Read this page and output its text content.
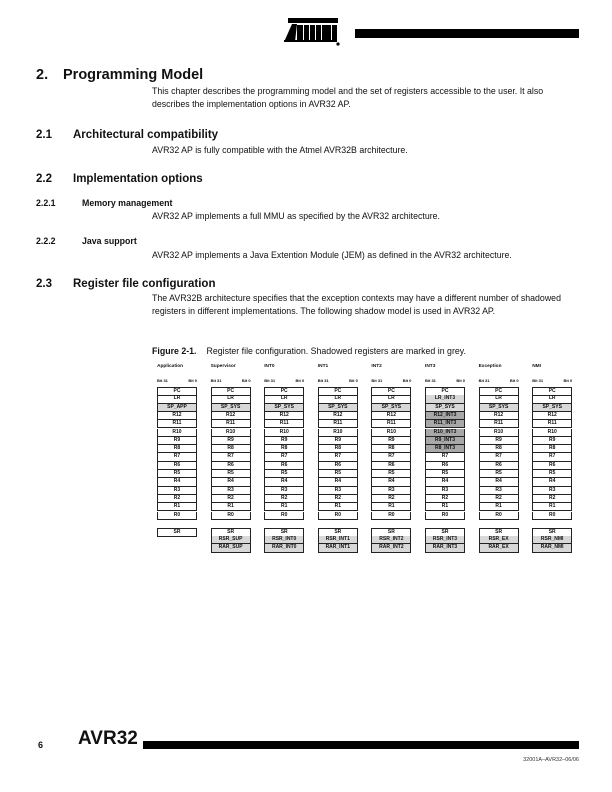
2. Programming Model
This chapter describes the programming model and the set of registers accessible to the user. It also describes the implementation options in AVR32 AP.
2.1 Architectural compatibility
AVR32 AP is fully compatible with the Atmel AVR32B architecture.
2.2 Implementation options
2.2.1	Memory management
AVR32 AP implements a full MMU as specified by the AVR32 architecture.
2.2.2	Java support
AVR32 AP implements a Java Extention Module (JEM) as defined in the AVR32 architecture.
2.3 Register file configuration
The AVR32B architecture specifies that the exception contexts may have a different number of shadowed registers in different implementations. The following shadow model is used in AVR32 AP.
Figure 2-1. Register file configuration. Shadowed registers are marked in grey.
Application
Bit 31	Bit 0
PC
LR
SP_APP
R12
R11
R10
R9
R8
R7
R6
R5
R4
R3
R2
R1
R0
SR
Supervisor
Bit 31	Bit 0
PC
LR
SP_SYS
R12
R11
R10
R9
R8
R7
R6
R5
R4
R3
R2
R1
R0
SR
RSR_SUP
RAR_SUP
INT0
Bit 31	Bit 0
PC
LR
SP_SYS
R12
R11
R10
R9
R8
R7
R6
R5
R4
R3
R2
R1
R0
SR
RSR_INT0
RAR_INT0
INT1
Bit 31	Bit 0
PC
LR
SP_SYS
R12
R11
R10
R9
R8
R7
R6
R5
R4
R3
R2
R1
R0
SR
RSR_INT1
RAR_INT1
INT2
Bit 31	Bit 0
PC
LR
SP_SYS
R12
R11
R10
R9
R8
R7
R6
R5
R4
R3
R2
R1
R0
SR
RSR_INT2
RAR_INT2
INT3
Bit 31	Bit 0
PC
LR_INT3
SP_SYS
R12_INT3
R11_INT3
R10_INT3
R9_INT3
R8_INT3
R7
R6
R5
R4
R3
R2
R1
R0
SR
RSR_INT3
RAR_INT3
Exception
Bit 31	Bit 0
PC
LR
SP_SYS
R12
R11
R10
R9
R8
R7
R6
R5
R4
R3
R2
R1
R0
SR
RSR_EX
RAR_EX
NMI
Bit 31	Bit 0
PC
LR
SP_SYS
R12
R11
R10
R9
R8
R7
R6
R5
R4
R3
R2
R1
R0
SR
RSR_NMI
RAR_NMI
6 AVR32
32001A–AVR32–06/06
